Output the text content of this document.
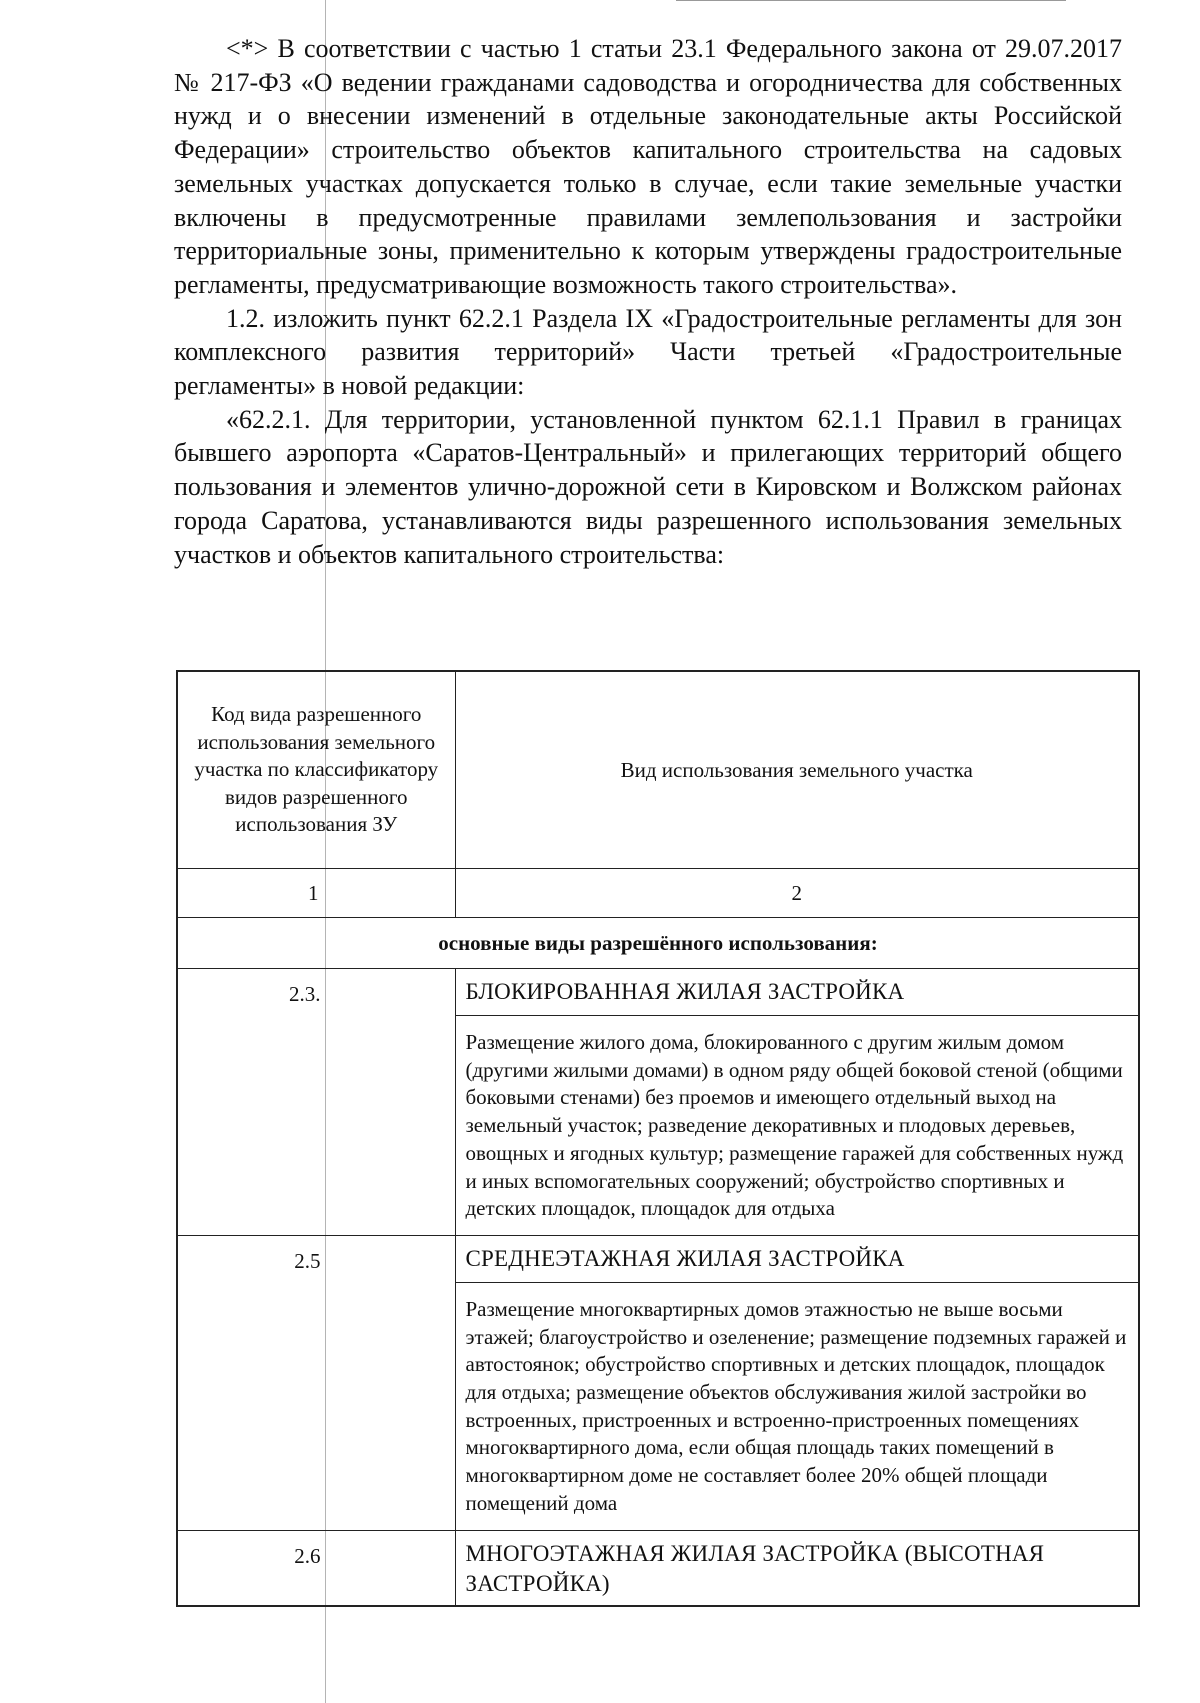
<*> В соответствии с частью 1 статьи 23.1 Федерального закона от 29.07.2017 № 217-ФЗ «О ведении гражданами садоводства и огородничества для собственных нужд и о внесении изменений в отдельные законодательные акты Российской Федерации» строительство объектов капитального строительства на садовых земельных участках допускается только в случае, если такие земельные участки включены в предусмотренные правилами землепользования и застройки территориальные зоны, применительно к которым утверждены градостроительные регламенты, предусматривающие возможность такого строительства».

1.2. изложить пункт 62.2.1 Раздела IX «Градостроительные регламенты для зон комплексного развития территорий» Части третьей «Градостроительные регламенты» в новой редакции:

«62.2.1. Для территории, установленной пунктом 62.1.1 Правил в границах бывшего аэропорта «Саратов-Центральный» и прилегающих территорий общего пользования и элементов улично-дорожной сети в Кировском и Волжском районах города Саратова, устанавливаются виды разрешенного использования земельных участков и объектов капитального строительства:

Код вида разрешенного использования земельного участка по классификатору видов разрешенного использования ЗУ	Вид использования земельного участка
1	2
основные виды разрешённого использования:	
2.3.	БЛОКИРОВАННАЯ ЖИЛАЯ ЗАСТРОЙКА
Размещение жилого дома, блокированного с другим жилым домом (другими жилыми домами) в одном ряду общей боковой стеной (общими боковыми стенами) без проемов и имеющего отдельный выход на земельный участок; разведение декоративных и плодовых деревьев, овощных и ягодных культур; размещение гаражей для собственных нужд и иных вспомогательных сооружений; обустройство спортивных и детских площадок, площадок для отдыха

2.5	СРЕДНЕЭТАЖНАЯ ЖИЛАЯ ЗАСТРОЙКА
Размещение многоквартирных домов этажностью не выше восьми этажей; благоустройство и озеленение; размещение подземных гаражей и автостоянок; обустройство спортивных и детских площадок, площадок для отдыха; размещение объектов обслуживания жилой застройки во встроенных, пристроенных и встроенно-пристроенных помещениях многоквартирного дома, если общая площадь таких помещений в многоквартирном доме не составляет более 20% общей площади помещений дома

2.6	МНОГОЭТАЖНАЯ ЖИЛАЯ ЗАСТРОЙКА (ВЫСОТНАЯ ЗАСТРОЙКА)
